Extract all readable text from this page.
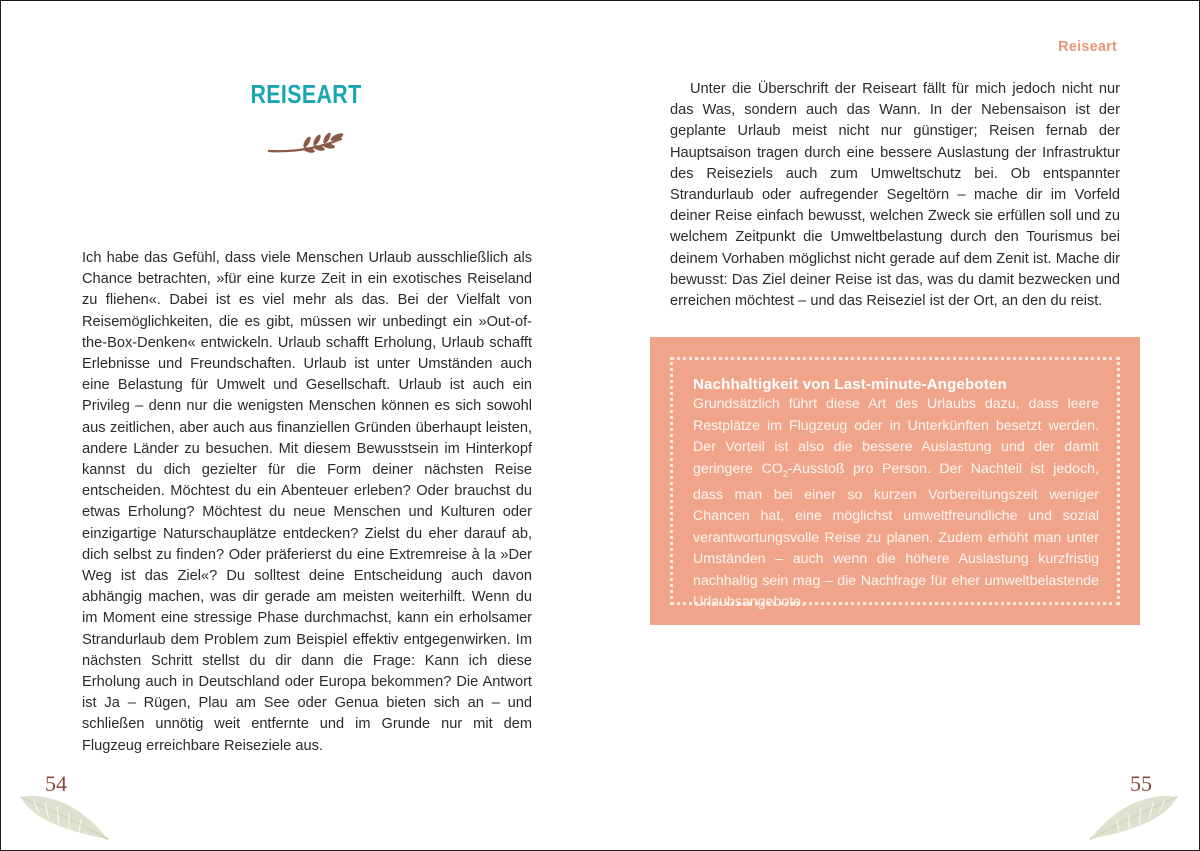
REISEART

Ich habe das Gefühl, dass viele Menschen Urlaub ausschließlich als Chance betrachten, »für eine kurze Zeit in ein exotisches Reiseland zu fliehen«. Dabei ist es viel mehr als das. Bei der Vielfalt von Reisemöglichkeiten, die es gibt, müssen wir unbedingt ein »Out-of-the-Box-Denken« entwickeln. Urlaub schafft Erholung, Urlaub schafft Erlebnisse und Freundschaften. Urlaub ist unter Umständen auch eine Belastung für Umwelt und Gesellschaft. Urlaub ist auch ein Privileg – denn nur die wenigsten Menschen können es sich sowohl aus zeitlichen, aber auch aus finanziellen Gründen überhaupt leisten, andere Länder zu besuchen. Mit diesem Bewusstsein im Hinterkopf kannst du dich gezielter für die Form deiner nächsten Reise entscheiden. Möchtest du ein Abenteuer erleben? Oder brauchst du etwas Erholung? Möchtest du neue Menschen und Kulturen oder einzigartige Naturschauplätze entdecken? Zielst du eher darauf ab, dich selbst zu finden? Oder präferierst du eine Extremreise à la »Der Weg ist das Ziel«? Du solltest deine Entscheidung auch davon abhängig machen, was dir gerade am meisten weiterhilft. Wenn du im Moment eine stressige Phase durchmachst, kann ein erholsamer Strandurlaub dem Problem zum Beispiel effektiv entgegenwirken. Im nächsten Schritt stellst du dir dann die Frage: Kann ich diese Erholung auch in Deutschland oder Europa bekommen? Die Antwort ist Ja – Rügen, Plau am See oder Genua bieten sich an – und schließen unnötig weit entfernte und im Grunde nur mit dem Flugzeug erreichbare Reiseziele aus.

54
Reiseart

Unter die Überschrift der Reiseart fällt für mich jedoch nicht nur das Was, sondern auch das Wann. In der Nebensaison ist der geplante Urlaub meist nicht nur günstiger; Reisen fernab der Hauptsaison tragen durch eine bessere Auslastung der Infrastruktur des Reiseziels auch zum Umweltschutz bei. Ob entspannter Strandurlaub oder aufregender Segeltörn – mache dir im Vorfeld deiner Reise einfach bewusst, welchen Zweck sie erfüllen soll und zu welchem Zeitpunkt die Umweltbelastung durch den Tourismus bei deinem Vorhaben möglichst nicht gerade auf dem Zenit ist. Mache dir bewusst: Das Ziel deiner Reise ist das, was du damit bezwecken und erreichen möchtest – und das Reiseziel ist der Ort, an den du reist.

Nachhaltigkeit von Last-minute-Angeboten

Grundsätzlich führt diese Art des Urlaubs dazu, dass leere Restplätze im Flugzeug oder in Unterkünften besetzt werden. Der Vorteil ist also die bessere Auslastung und der damit geringere $CO_2$-Ausstoß pro Person. Der Nachteil ist jedoch, dass man bei einer so kurzen Vorbereitungszeit weniger Chancen hat, eine möglichst umweltfreundliche und sozial verantwortungsvolle Reise zu planen. Zudem erhöht man unter Umständen – auch wenn die höhere Auslastung kurzfristig nachhaltig sein mag – die Nachfrage für eher umweltbelastende Urlaubsangebote.

55
